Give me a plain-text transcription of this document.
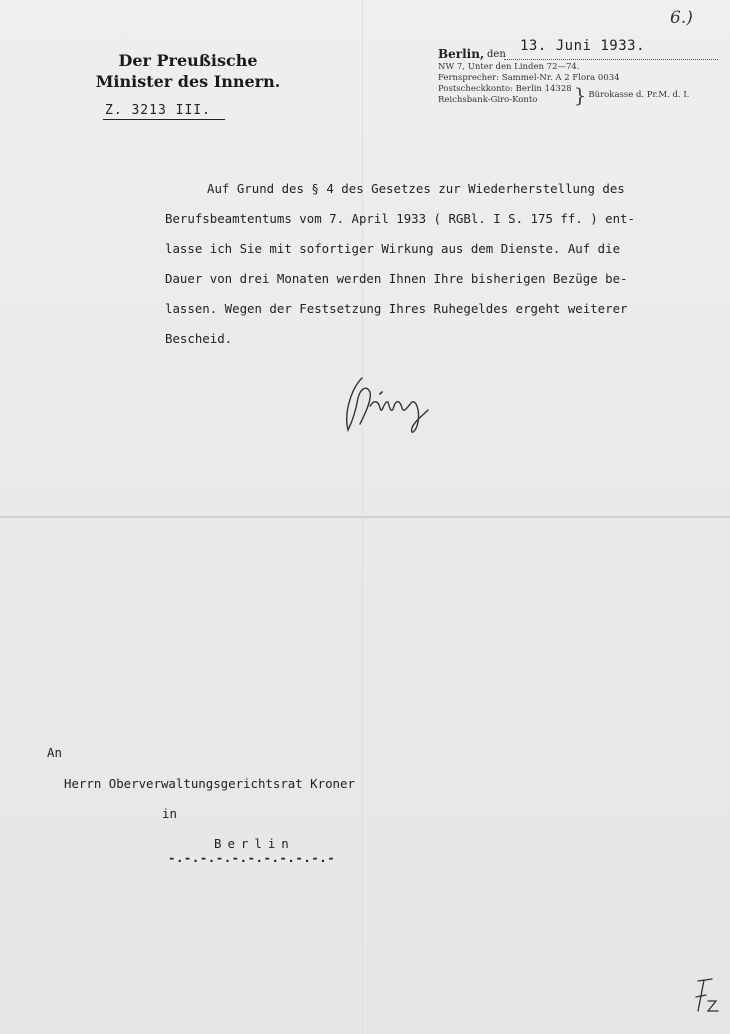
6.)
Der Preußische
Minister des Innern.
Z. 3213 III.
Berlin, den
13. Juni 1933.
NW 7, Unter den Linden 72—74.
Fernsprecher: Sammel-Nr. A 2 Flora 0034
Postscheckkonto: Berlin 14328
Reichsbank-Giro-Konto	} Bürokasse d. Pr.M. d. I.

Auf Grund des § 4 des Gesetzes zur Wiederherstellung des

Berufsbeamtentums vom 7. April 1933 ( RGBl. I S. 175 ff. ) ent-

lasse ich Sie mit sofortiger Wirkung aus dem Dienste. Auf die

Dauer von drei Monaten werden Ihnen Ihre bisherigen Bezüge be-

lassen. Wegen der Festsetzung Ihres Ruhegeldes ergeht weiterer

Bescheid.

An
Herrn Oberverwaltungsgerichtsrat Kroner
in
Berlin
-.-.-.-.-.-.-.-.-.-.-
